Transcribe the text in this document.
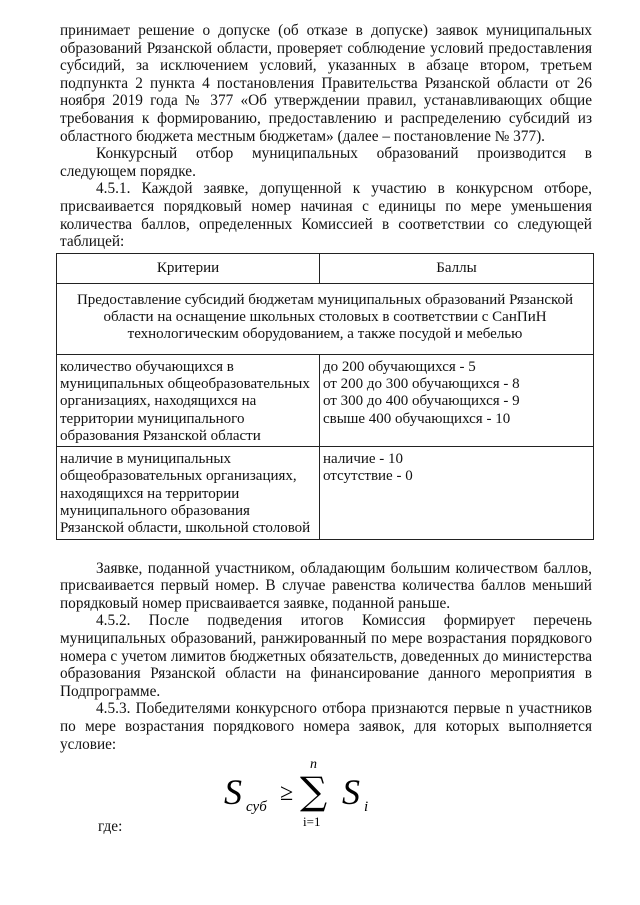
принимает решение о допуске (об отказе в допуске) заявок муниципальных образований Рязанской области, проверяет соблюдение условий предоставления субсидий, за исключением условий, указанных в абзаце втором, третьем подпункта 2 пункта 4 постановления Правительства Рязанской области от 26 ноября 2019 года № 377 «Об утверждении правил, устанавливающих общие требования к формированию, предоставлению и распределению субсидий из областного бюджета местным бюджетам» (далее – постановление № 377).

Конкурсный отбор муниципальных образований производится в следующем порядке.

4.5.1. Каждой заявке, допущенной к участию в конкурсном отборе, присваивается порядковый номер начиная с единицы по мере уменьшения количества баллов, определенных Комиссией в соответствии со следующей таблицей:

Критерии	Баллы
Предоставление субсидий бюджетам муниципальных образований Рязанской области на оснащение школьных столовых в соответствии с СанПиН технологическим оборудованием, а также посудой и мебелью	
количество обучающихся в муниципальных общеобразовательных организациях, находящихся на территории муниципального образования Рязанской области	до 200 обучающихся - 5
от 200 до 300 обучающихся - 8
от 300 до 400 обучающихся - 9
свыше 400 обучающихся - 10

наличие в муниципальных общеобразовательных организациях, находящихся на территории муниципального образования Рязанской области, школьной столовой	наличие - 10
отсутствие - 0

Заявке, поданной участником, обладающим большим количеством баллов, присваивается первый номер. В случае равенства количества баллов меньший порядковый номер присваивается заявке, поданной раньше.

4.5.2. После подведения итогов Комиссия формирует перечень муниципальных образований, ранжированный по мере возрастания порядкового номера с учетом лимитов бюджетных обязательств, доведенных до министерства образования Рязанской области на финансирование данного мероприятия в Подпрограмме.

4.5.3. Победителями конкурсного отбора признаются первые n участников по мере возрастания порядкового номера заявок, для которых выполняется условие:

S суб
≥
n
∑
i=1
S i
где:
